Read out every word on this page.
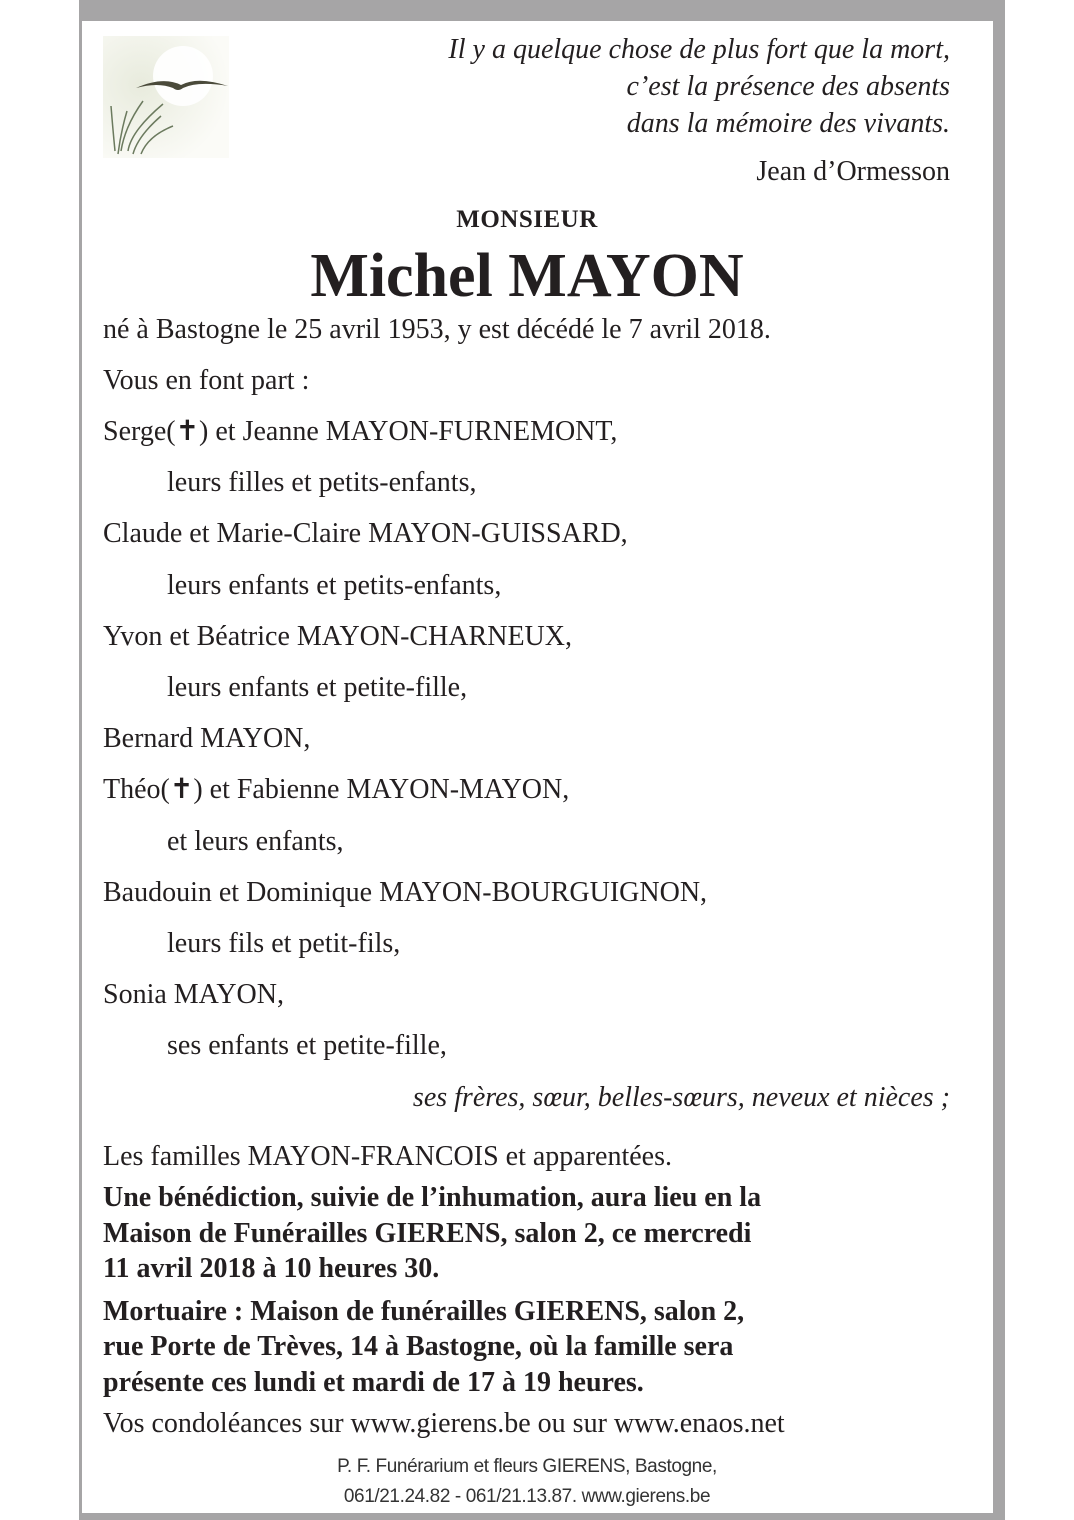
Il y a quelque chose de plus fort que la mort,
c’est la présence des absents
dans la mémoire des vivants.
Jean d’Ormesson
MONSIEUR
Michel MAYON
né à Bastogne le 25 avril 1953, y est décédé le 7 avril 2018.
Vous en font part :
Serge(✝) et Jeanne MAYON-FURNEMONT,
leurs filles et petits-enfants,
Claude et Marie-Claire MAYON-GUISSARD,
leurs enfants et petits-enfants,
Yvon et Béatrice MAYON-CHARNEUX,
leurs enfants et petite-fille,
Bernard MAYON,
Théo(✝) et Fabienne MAYON-MAYON,
et leurs enfants,
Baudouin et Dominique MAYON-BOURGUIGNON,
leurs fils et petit-fils,
Sonia MAYON,
ses enfants et petite-fille,
ses frères, sœur, belles-sœurs, neveux et nièces ;
Les familles MAYON-FRANCOIS et apparentées.
Une bénédiction, suivie de l’inhumation, aura lieu en la
Maison de Funérailles GIERENS, salon 2, ce mercredi
11 avril 2018 à 10 heures 30.
Mortuaire : Maison de funérailles GIERENS, salon 2,
rue Porte de Trèves, 14 à Bastogne, où la famille sera
présente ces lundi et mardi de 17 à 19 heures.
Vos condoléances sur www.gierens.be ou sur www.enaos.net
P. F. Funérarium et fleurs GIERENS, Bastogne,
061/21.24.82 - 061/21.13.87. www.gierens.be
